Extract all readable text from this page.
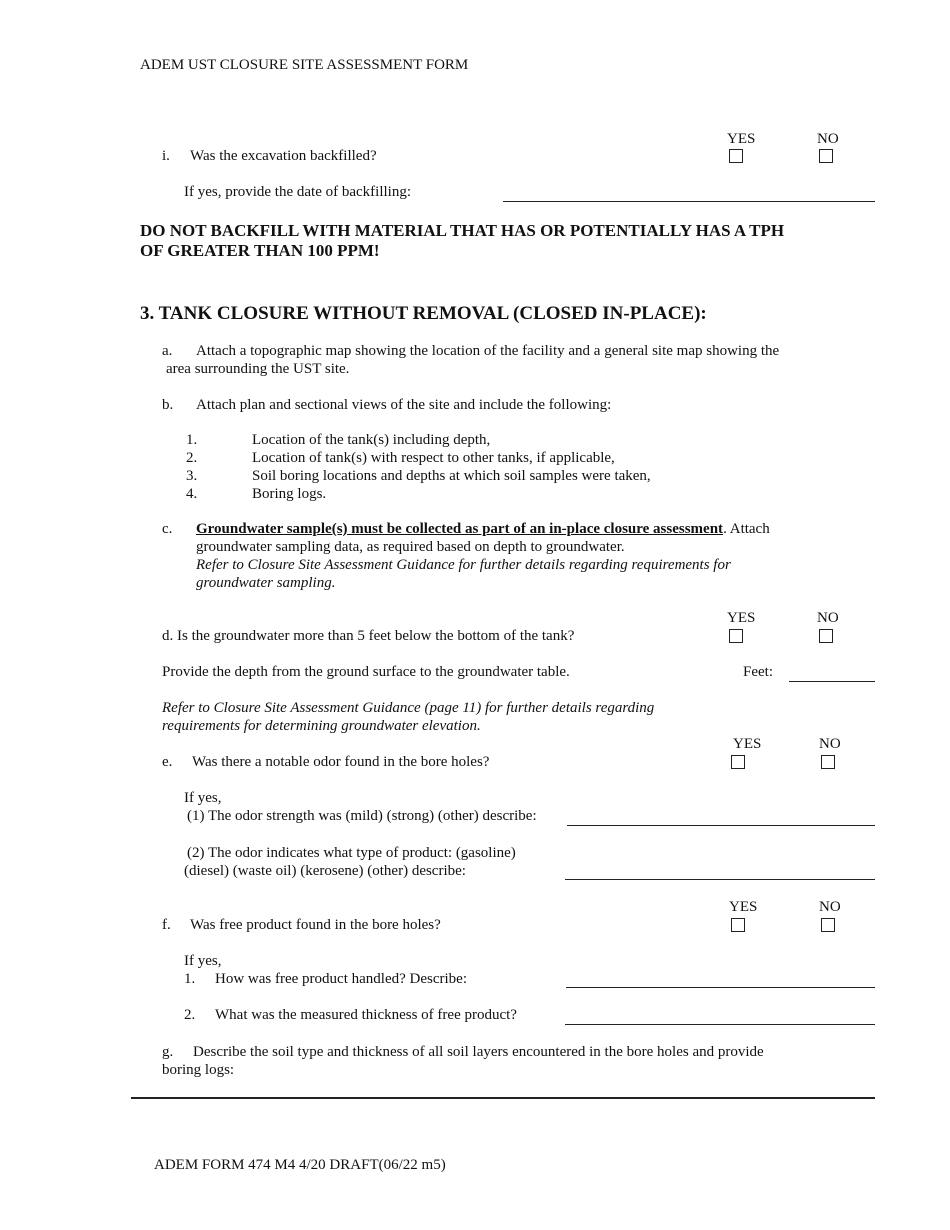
ADEM UST CLOSURE SITE ASSESSMENT FORM
YES	NO
i. Was the excavation backfilled?
If yes, provide the date of backfilling:
DO NOT BACKFILL WITH MATERIAL THAT HAS OR POTENTIALLY HAS A TPH
OF GREATER THAN 100 PPM!
3. TANK CLOSURE WITHOUT REMOVAL (CLOSED IN-PLACE):
a. Attach a topographic map showing the location of the facility and a general site map showing the
area surrounding the UST site.
b. Attach plan and sectional views of the site and include the following:
1.	Location of the tank(s) including depth,
2.	Location of tank(s) with respect to other tanks, if applicable,
3.	Soil boring locations and depths at which soil samples were taken,
4.	Boring logs.
c. Groundwater sample(s) must be collected as part of an in-place closure assessment. Attach
groundwater sampling data, as required based on depth to groundwater.
Refer to Closure Site Assessment Guidance for further details regarding requirements for
groundwater sampling.
YES	NO
d. Is the groundwater more than 5 feet below the bottom of the tank?
Provide the depth from the ground surface to the groundwater table.	Feet:
Refer to Closure Site Assessment Guidance (page 11) for further details regarding
requirements for determining groundwater elevation.
YES	NO
e. Was there a notable odor found in the bore holes?
If yes,
(1) The odor strength was (mild) (strong) (other) describe:
(2) The odor indicates what type of product: (gasoline)
(diesel) (waste oil) (kerosene) (other) describe:
YES	NO
f. Was free product found in the bore holes?
If yes,
1. How was free product handled? Describe:
2. What was the measured thickness of free product?
g. Describe the soil type and thickness of all soil layers encountered in the bore holes and provide
boring logs:
ADEM FORM 474 M4 4/20 DRAFT(06/22 m5)
